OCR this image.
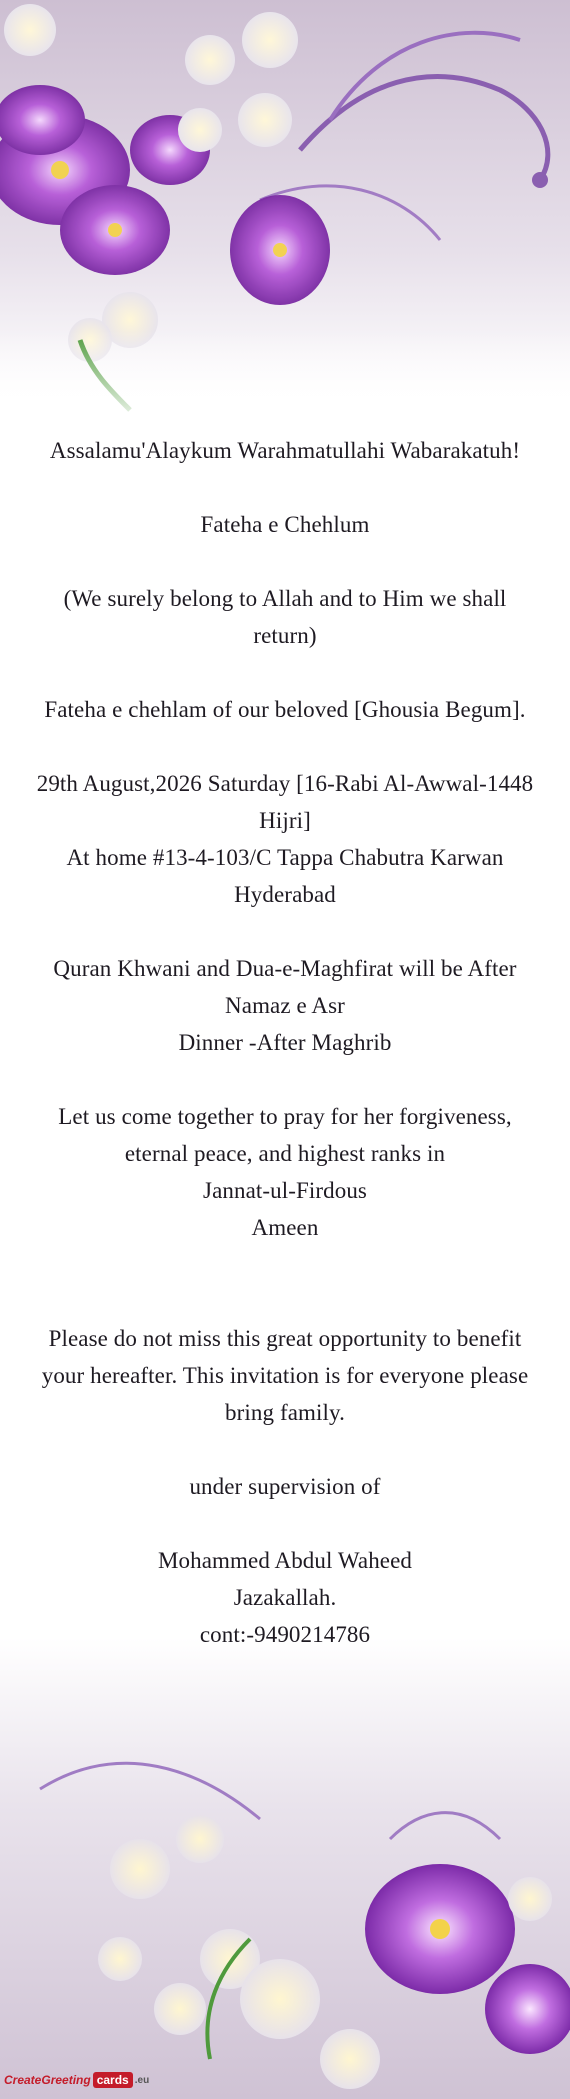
Assalamu'Alaykum Warahmatullahi Wabarakatuh!

Fateha e Chehlum

(We surely belong to Allah and to Him we shall

return)

Fateha e chehlam of our beloved [Ghousia Begum].

29th August,2026 Saturday [16-Rabi Al-Awwal-1448

Hijri]

At home #13-4-103/C Tappa Chabutra Karwan

Hyderabad

Quran Khwani and Dua-e-Maghfirat will be After

Namaz e Asr

Dinner -After Maghrib

Let us come together to pray for her forgiveness,

eternal peace, and highest ranks in

Jannat-ul-Firdous

Ameen

Please do not miss this great opportunity to benefit

your hereafter. This invitation is for everyone please

bring family.

under supervision of

Mohammed Abdul Waheed

Jazakallah.

cont:-9490214786

CreateGreeting cards .eu
